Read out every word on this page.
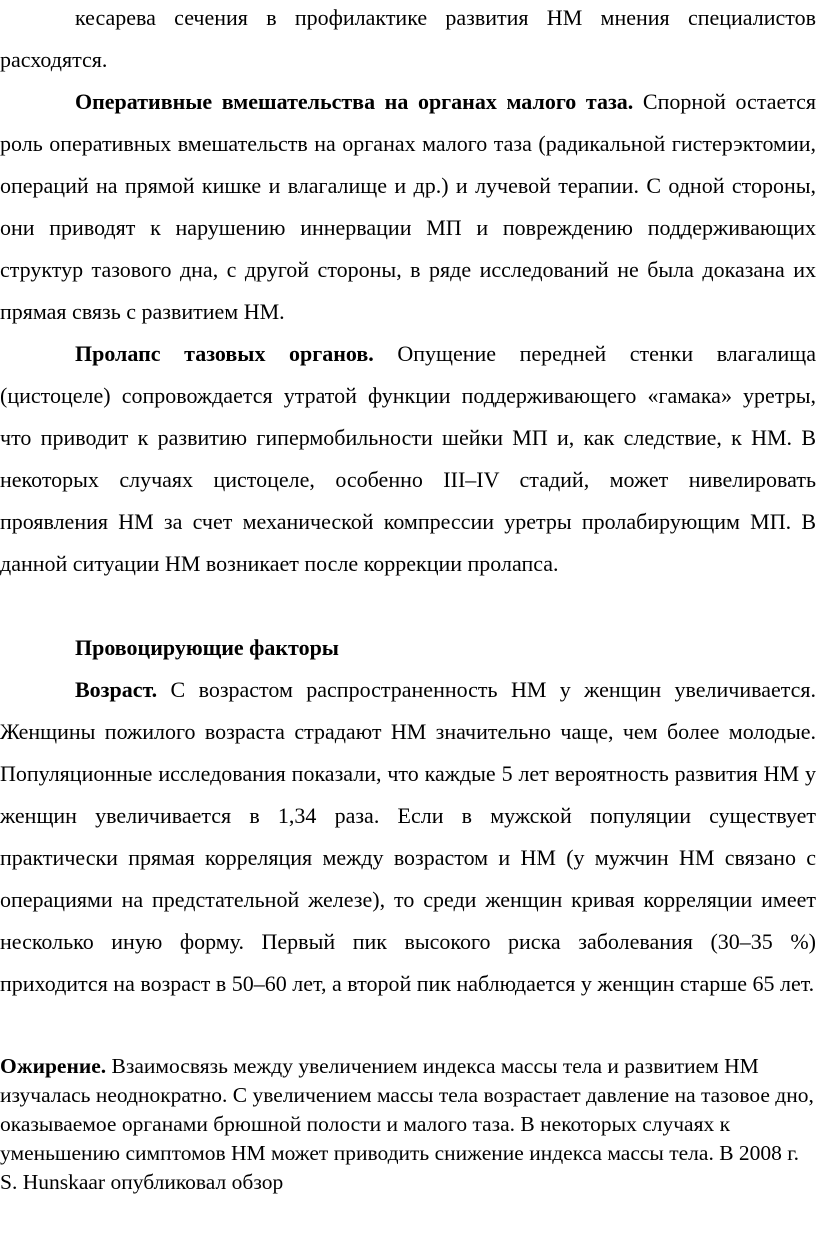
кесарева сечения в профилактике развития НМ мнения специалистов расходятся.

Оперативные вмешательства на органах малого таза. Спорной остается роль оперативных вмешательств на органах малого таза (радикальной гистерэктомии, операций на прямой кишке и влагалище и др.) и лучевой терапии. С одной стороны, они приводят к нарушению иннервации МП и повреждению поддерживающих структур тазового дна, с другой стороны, в ряде исследований не была доказана их прямая связь с развитием НМ.

Пролапс тазовых органов. Опущение передней стенки влагалища (цистоцеле) сопровождается утратой функции поддерживающего «гамака» уретры, что приводит к развитию гипермобильности шейки МП и, как следствие, к НМ. В некоторых случаях цистоцеле, особенно III–IV стадий, может нивелировать проявления НМ за счет механической компрессии уретры пролабирующим МП. В данной ситуации НМ возникает после коррекции пролапса.

Провоцирующие факторы

Возраст. С возрастом распространенность НМ у женщин увеличивается. Женщины пожилого возраста страдают НМ значительно чаще, чем более молодые. Популяционные исследования показали, что каждые 5 лет вероятность развития НМ у женщин увеличивается в 1,34 раза. Если в мужской популяции существует практически прямая корреляция между возрастом и НМ (у мужчин НМ связано с операциями на предстательной железе), то среди женщин кривая корреляции имеет несколько иную форму. Первый пик высокого риска заболевания (30–35 %) приходится на возраст в 50–60 лет, а второй пик наблюдается у женщин старше 65 лет.

Ожирение. Взаимосвязь между увеличением индекса массы тела и развитием НМ изучалась неоднократно. С увеличением массы тела возрастает давление на тазовое дно, оказываемое органами брюшной полости и малого таза. В некоторых случаях к уменьшению симптомов НМ может приводить снижение индекса массы тела. В 2008 г. S. Hunskaar опубликовал обзор
